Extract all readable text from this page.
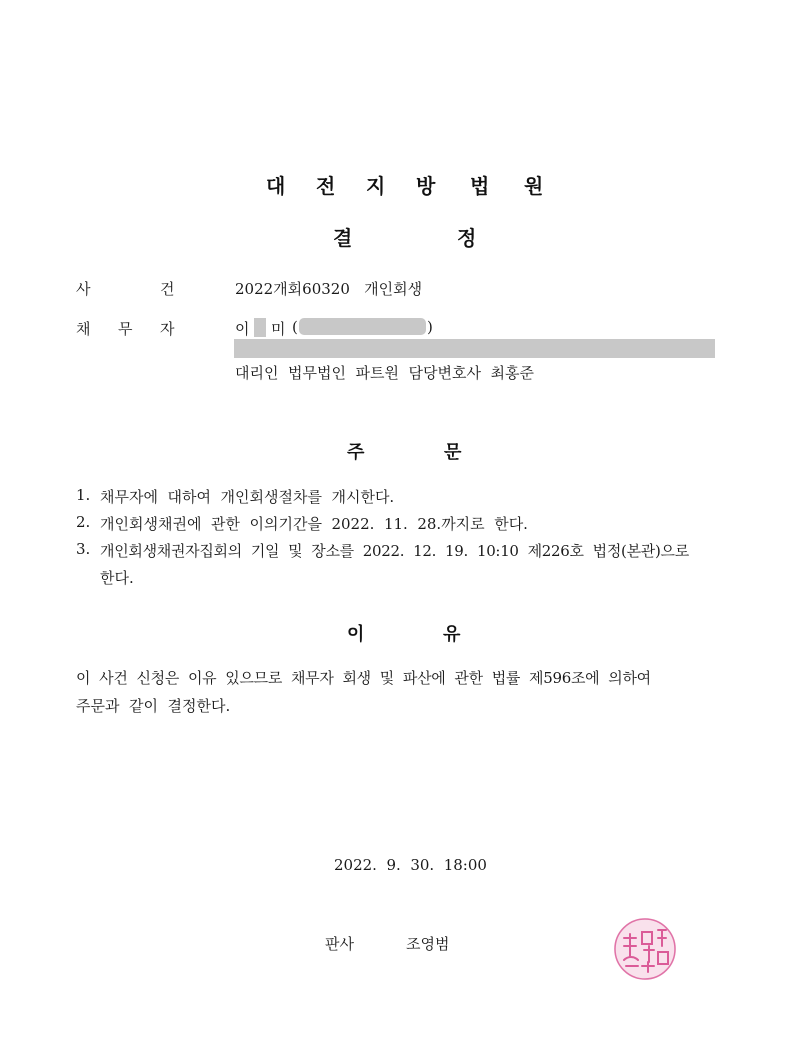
대 전 지 방 법 원
결	정
사	건	2022개회60320   개인회생
채 무 자	이 미 (	)
대리인  법무법인  파트원  담당변호사  최홍준
주	문
1. 채무자에  대하여  개인회생절차를  개시한다.
2. 개인회생채권에  관한  이의기간을  2022.  11.  28.까지로  한다.
3. 개인회생채권자집회의  기일  및  장소를  2022.  12.  19.  10:10  제226호  법정(본관)으로
한다.
이	유
이  사건  신청은  이유  있으므로  채무자  회생  및  파산에  관한  법률  제596조에  의하여
주문과  같이  결정한다.
2022.  9.  30.  18:00
판사	조영범
